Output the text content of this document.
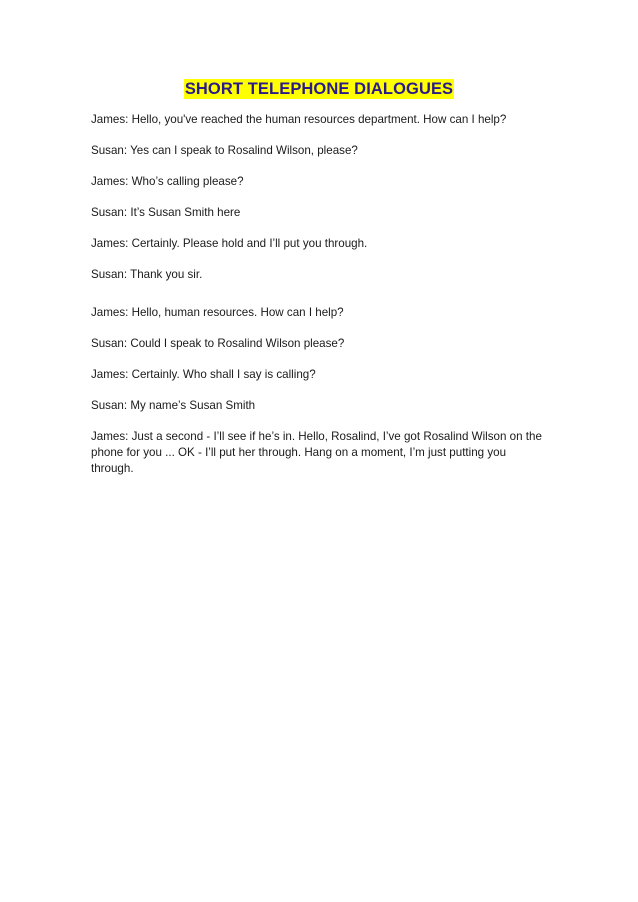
SHORT TELEPHONE DIALOGUES

James: Hello, you've reached the human resources department. How can I help?

Susan: Yes can I speak to Rosalind Wilson, please?

James: Who’s calling please?

Susan: It’s Susan Smith here

James: Certainly. Please hold and I’ll put you through.

Susan: Thank you sir.

James: Hello, human resources. How can I help?

Susan: Could I speak to Rosalind Wilson please?

James: Certainly. Who shall I say is calling?

Susan: My name’s Susan Smith

James: Just a second - I’ll see if he’s in. Hello, Rosalind, I’ve got Rosalind Wilson on the phone for you ... OK - I’ll put her through. Hang on a moment, I’m just putting you through.
